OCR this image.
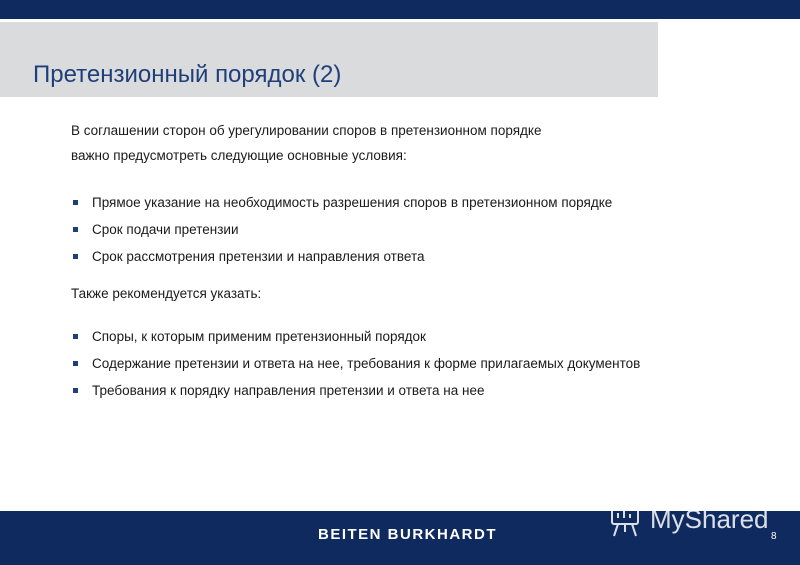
Претензионный порядок (2)

В соглашении сторон об урегулировании споров в претензионном порядке

важно предусмотреть следующие основные условия:

Прямое указание на необходимость разрешения споров в претензионном порядке
Срок подачи претензии
Срок рассмотрения претензии и направления ответа

Также рекомендуется указать:

Споры, к которым применим претензионный порядок
Содержание претензии и ответа на нее, требования к форме прилагаемых документов
Требования к порядку направления претензии и ответа на нее
BEITEN BURKHARDT	8
MyShared
